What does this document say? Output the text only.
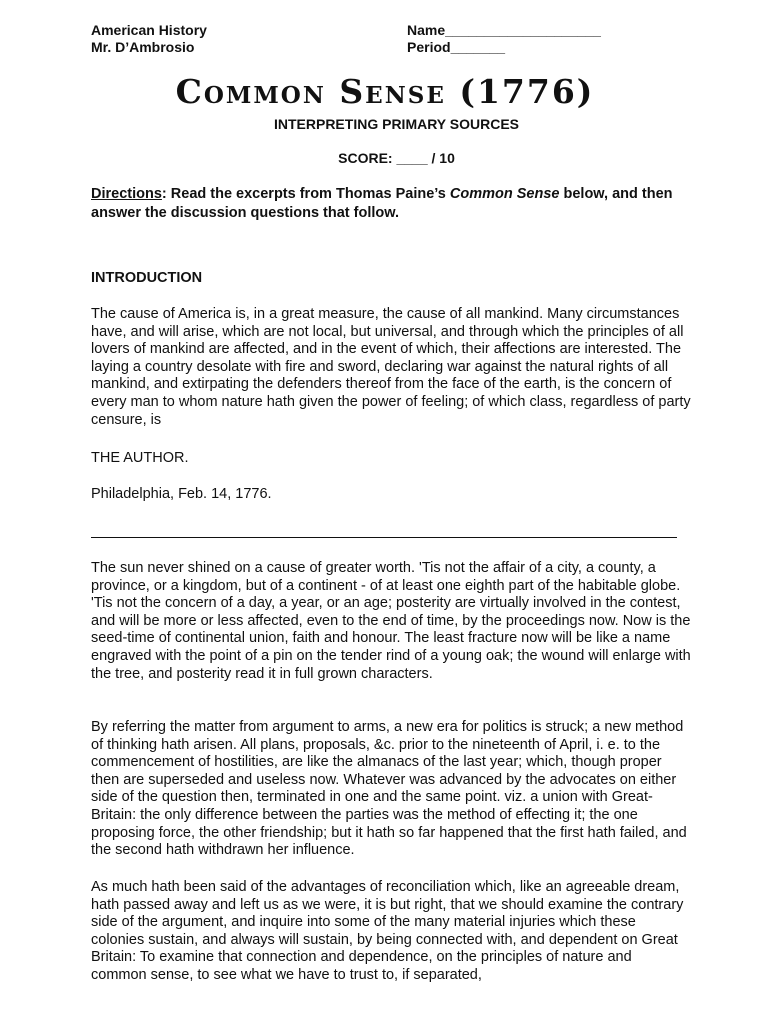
American History
Mr. D’Ambrosio
Name____________________
Period_______
Common Sense (1776)
INTERPRETING PRIMARY SOURCES
SCORE: ____ / 10
Directions: Read the excerpts from Thomas Paine’s Common Sense below, and then answer the discussion questions that follow.
INTRODUCTION
The cause of America is, in a great measure, the cause of all mankind. Many circumstances have, and will arise, which are not local, but universal, and through which the principles of all lovers of mankind are affected, and in the event of which, their affections are interested. The laying a country desolate with fire and sword, declaring war against the natural rights of all mankind, and extirpating the defenders thereof from the face of the earth, is the concern of every man to whom nature hath given the power of feeling; of which class, regardless of party censure, is
THE AUTHOR.
Philadelphia, Feb. 14, 1776.
The sun never shined on a cause of greater worth. 'Tis not the affair of a city, a county, a province, or a kingdom, but of a continent - of at least one eighth part of the habitable globe. 'Tis not the concern of a day, a year, or an age; posterity are virtually involved in the contest, and will be more or less affected, even to the end of time, by the proceedings now. Now is the seed-time of continental union, faith and honour. The least fracture now will be like a name engraved with the point of a pin on the tender rind of a young oak; the wound will enlarge with the tree, and posterity read it in full grown characters.
By referring the matter from argument to arms, a new era for politics is struck; a new method of thinking hath arisen. All plans, proposals, &c. prior to the nineteenth of April, i. e. to the commencement of hostilities, are like the almanacs of the last year; which, though proper then are superseded and useless now. Whatever was advanced by the advocates on either side of the question then, terminated in one and the same point. viz. a union with Great-Britain: the only difference between the parties was the method of effecting it; the one proposing force, the other friendship; but it hath so far happened that the first hath failed, and the second hath withdrawn her influence.
As much hath been said of the advantages of reconciliation which, like an agreeable dream, hath passed away and left us as we were, it is but right, that we should examine the contrary side of the argument, and inquire into some of the many material injuries which these colonies sustain, and always will sustain, by being connected with, and dependent on Great Britain: To examine that connection and dependence, on the principles of nature and common sense, to see what we have to trust to, if separated,
